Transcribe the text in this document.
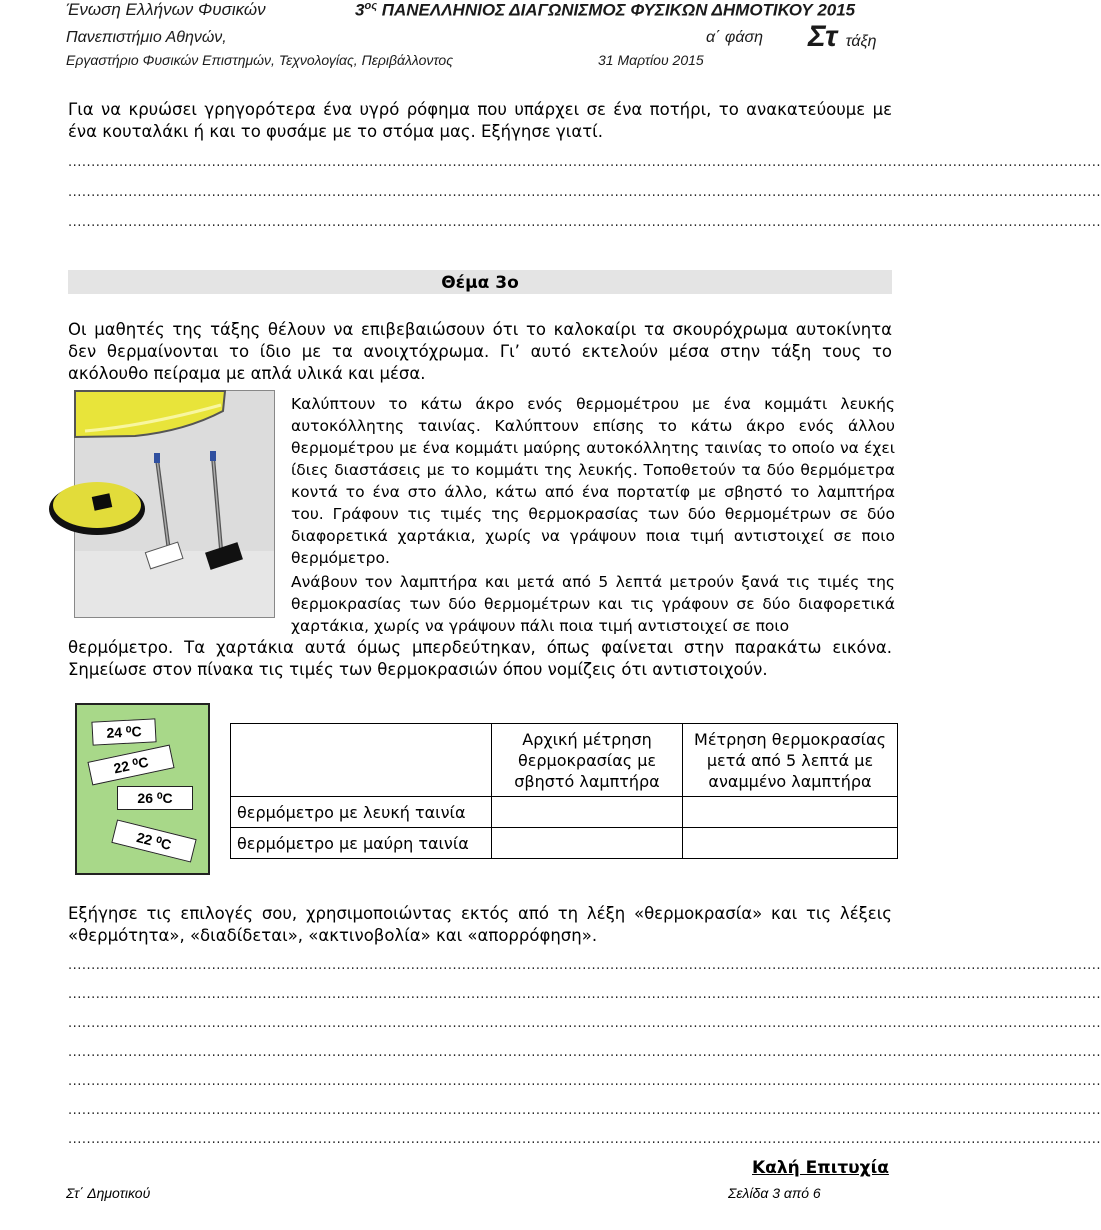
Ένωση Ελλήνων Φυσικών	$3^{o\varsigma}$ ΠΑΝΕΛΛΗΝΙΟΣ ΔΙΑΓΩΝΙΣΜΟΣ ΦΥΣΙΚΩΝ ΔΗΜΟΤΙΚΟΥ 2015
Πανεπιστήμιο Αθηνών,	α΄ φάση Στ τάξη
Εργαστήριο Φυσικών Επιστημών, Τεχνολογίας, Περιβάλλοντος	31 Μαρτίου 2015
Για να κρυώσει γρηγορότερα ένα υγρό ρόφημα που υπάρχει σε ένα ποτήρι, το ανακατεύουμε με ένα κουταλάκι ή και το φυσάμε με το στόμα μας. Εξήγησε γιατί.
...............................................................................................................................................................................................................................
...............................................................................................................................................................................................................................
...............................................................................................................................................................................................................................
Θέμα 3ο
Οι μαθητές της τάξης θέλουν να επιβεβαιώσουν ότι το καλοκαίρι τα σκουρόχρωμα αυτοκίνητα δεν θερμαίνονται το ίδιο με τα ανοιχτόχρωμα. Γι’ αυτό εκτελούν μέσα στην τάξη τους το ακόλουθο πείραμα με απλά υλικά και μέσα.
Καλύπτουν το κάτω άκρο ενός θερμομέτρου με ένα κομμάτι λευκής αυτοκόλλητης ταινίας. Καλύπτουν επίσης το κάτω άκρο ενός άλλου θερμομέτρου με ένα κομμάτι μαύρης αυτοκόλλητης ταινίας το οποίο να έχει ίδιες διαστάσεις με το κομμάτι της λευκής. Τοποθετούν τα δύο θερμόμετρα κοντά το ένα στο άλλο, κάτω από ένα πορτατίφ με σβηστό το λαμπτήρα του. Γράφουν τις τιμές της θερμοκρασίας των δύο θερμομέτρων σε δύο διαφορετικά χαρτάκια, χωρίς να γράψουν ποια τιμή αντιστοιχεί σε ποιο θερμόμετρο.
Ανάβουν τον λαμπτήρα και μετά από 5 λεπτά μετρούν ξανά τις τιμές της θερμοκρασίας των δύο θερμομέτρων και τις γράφουν σε δύο διαφορετικά χαρτάκια, χωρίς να γράψουν πάλι ποια τιμή αντιστοιχεί σε ποιο
θερμόμετρο. Τα χαρτάκια αυτά όμως μπερδεύτηκαν, όπως φαίνεται στην παρακάτω εικόνα. Σημείωσε στον πίνακα τις τιμές των θερμοκρασιών όπου νομίζεις ότι αντιστοιχούν.
24 ⁰C
22 ⁰C
26 ⁰C
22 ⁰C
	Αρχική μέτρηση θερμοκρασίας με σβηστό λαμπτήρα	Μέτρηση θερμοκρασίας μετά από 5 λεπτά με αναμμένο λαμπτήρα
θερμόμετρο με λευκή ταινία		
θερμόμετρο με μαύρη ταινία		
Εξήγησε τις επιλογές σου, χρησιμοποιώντας εκτός από τη λέξη «θερμοκρασία» και τις λέξεις «θερμότητα», «διαδίδεται», «ακτινοβολία» και «απορρόφηση».
...............................................................................................................................................................................................................................
...............................................................................................................................................................................................................................
...............................................................................................................................................................................................................................
...............................................................................................................................................................................................................................
...............................................................................................................................................................................................................................
...............................................................................................................................................................................................................................
...............................................................................................................................................................................................................................
Καλή Επιτυχία
Στ΄ Δημοτικού	Σελίδα 3 από 6
